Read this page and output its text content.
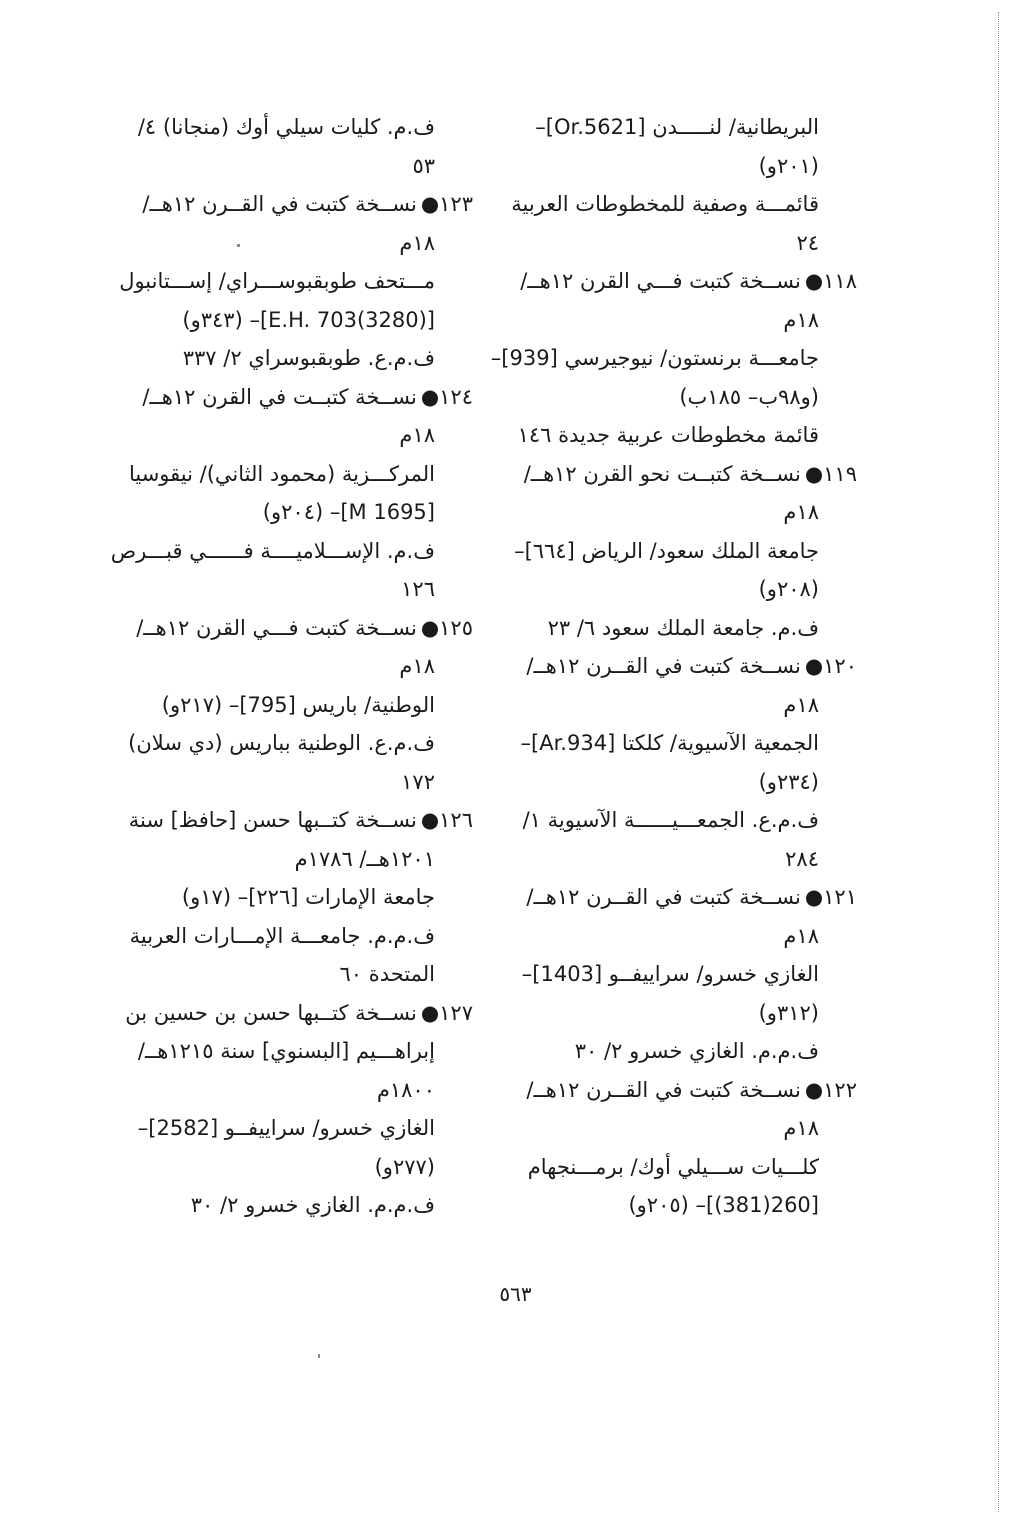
البريطانية/ لنـــــدن [Or.5621]–
(٢٠١و)
قائمـــة وصفية للمخطوطات العربية
٢٤
١١٨●نســخة كتبت فـــي القرن ١٢هــ/
١٨م
جامعـــة برنستون/ نيوجيرسي [939]–
(و٩٨ب– ١٨٥ب)
قائمة مخطوطات عربية جديدة ١٤٦
١١٩●نســخة كتبــت نحو القرن ١٢هــ/
١٨م
جامعة الملك سعود/ الرياض [٦٦٤]–
(٢٠٨و)
ف.م. جامعة الملك سعود ٦/ ٢٣
١٢٠●نســخة كتبت في القــرن ١٢هــ/
١٨م
الجمعية الآسيوية/ كلكتا [Ar.934]–
(٢٣٤و)
ف.م.ع. الجمعـــيــــــة الآسيوية ١/
٢٨٤
١٢١●نســخة كتبت في القــرن ١٢هــ/
١٨م
الغازي خسرو/ سراييفــو [1403]–
(٣١٢و)
ف.م.م. الغازي خسرو ٢/ ٣٠
١٢٢●نســخة كتبت في القــرن ١٢هــ/
١٨م
كلـــيات ســـيلي أوك/ برمـــنجهام
[260(381)]– (٢٠٥و)
ف.م. كليات سيلي أوك (منجانا) ٤/
٥٣
١٢٣●نســخة كتبت في القــرن ١٢هــ/
١٨م
مـــتحف طوبقبوســـراي/ إســـتانبول
[E.H. 703(3280)]– (٣٤٣و)
ف.م.ع. طوبقبوسراي ٢/ ٣٣٧
١٢٤●نســخة كتبــت في القرن ١٢هــ/
١٨م
المركـــزية (محمود الثاني)/ نيقوسيا
[M 1695]– (٢٠٤و)
ف.م. الإســـلاميــــة فــــــي قبـــرص
١٢٦
١٢٥●نســخة كتبت فـــي القرن ١٢هــ/
١٨م
الوطنية/ باريس [795]– (٢١٧و)
ف.م.ع. الوطنية بباريس (دي سلان)
١٧٢
١٢٦●نســخة كتــبها حسن [حافظ] سنة
١٢٠١هــ/ ١٧٨٦م
جامعة الإمارات [٢٢٦]– (١٧و)
ف.م.م. جامعـــة الإمـــارات العربية
المتحدة ٦٠
١٢٧●نســخة كتــبها حسن بن حسين بن
إبراهـــيم [البسنوي] سنة ١٢١٥هــ/
١٨٠٠م
الغازي خسرو/ سراييفــو [2582]–
(٢٧٧و)
ف.م.م. الغازي خسرو ٢/ ٣٠
٥٦٣
